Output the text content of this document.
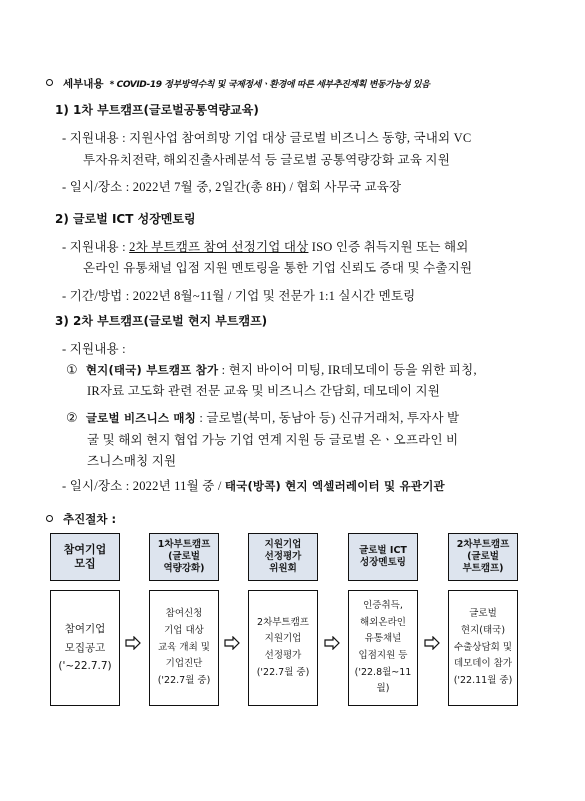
세부내용 * COVID-19 정부방역수칙 및 국제정세ㆍ환경에 따른 세부추진계획 변동가능성 있음
1) 1차 부트캠프(글로벌공통역량교육)
- 지원내용 : 지원사업 참여희망 기업 대상 글로벌 비즈니스 동향, 국내외 VC
투자유치전략, 해외진출사례분석 등 글로벌 공통역량강화 교육 지원
- 일시/장소 : 2022년 7월 중, 2일간(총 8H) / 협회 사무국 교육장
2) 글로벌 ICT 성장멘토링
- 지원내용 : 2차 부트캠프 참여 선정기업 대상 ISO 인증 취득지원 또는 해외
온라인 유통채널 입점 지원 멘토링을 통한 기업 신뢰도 증대 및 수출지원
- 기간/방법 : 2022년 8월~11월 / 기업 및 전문가 1:1 실시간 멘토링
3) 2차 부트캠프(글로벌 현지 부트캠프)
- 지원내용 :
① 현지(태국) 부트캠프 참가 : 현지 바이어 미팅, IR데모데이 등을 위한 피칭,
IR자료 고도화 관련 전문 교육 및 비즈니스 간담회, 데모데이 지원
② 글로벌 비즈니스 매칭 : 글로벌(북미, 동남아 등) 신규거래처, 투자사 발
굴 및 해외 현지 협업 가능 기업 연계 지원 등 글로벌 온ㆍ오프라인 비
즈니스매칭 지원
- 일시/장소 : 2022년 11월 중 / 태국(방콕) 현지 엑셀러레이터 및 유관기관
추진절차 :
참여기업
모집
참여기업
모집공고
('~22.7.7)
1차부트캠프
(글로벌
역량강화)
참여신청
기업 대상
교육 개최 및
기업진단
('22.7월 중)
지원기업
선정평가
위원회
2차부트캠프
지원기업
선정평가
('22.7월 중)
글로벌 ICT
성장멘토링
인증취득,
해외온라인
유통채널
입점지원 등
('22.8월~11월)
2차부트캠프
(글로벌
부트캠프)
글로벌
현지(태국)
수출상담회 및
데모데이 참가
('22.11월 중)
